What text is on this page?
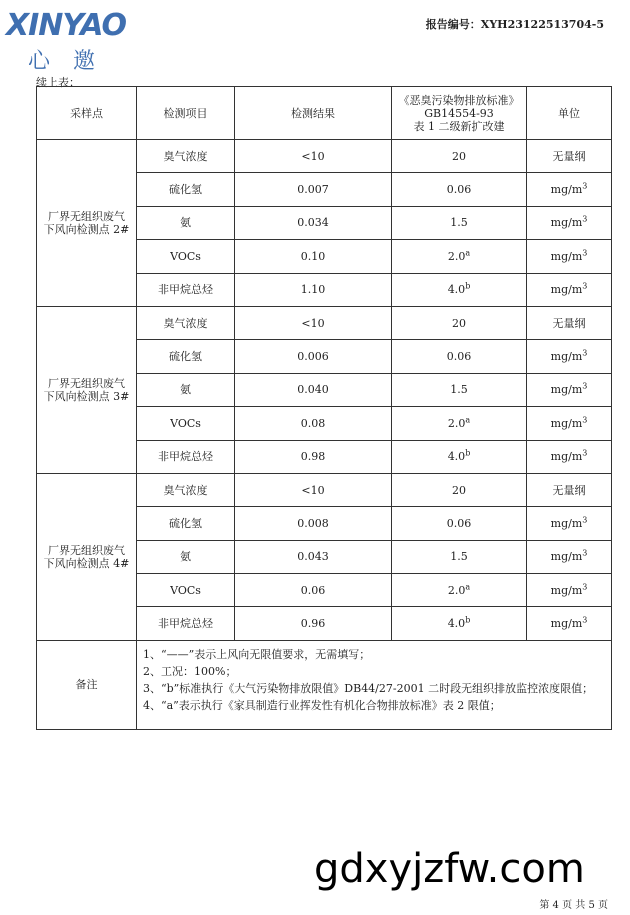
XINYAO
心 邀
报告编号：XYH23122513704-5
续上表：
采样点	检测项目	检测结果	《恶臭污染物排放标准》
GB14554-93
表 1 二级新扩改建	单位
厂界无组织废气
下风向检测点 2#	臭气浓度	<10	20	无量纲
	硫化氢	0.007	0.06	$mg/m^3$
	氨	0.034	1.5	$mg/m^3$
	VOCs	0.10	2.0$^a$	$mg/m^3$
	非甲烷总烃	1.10	4.0$^b$	$mg/m^3$
厂界无组织废气
下风向检测点 3#	臭气浓度	<10	20	无量纲
	硫化氢	0.006	0.06	$mg/m^3$
	氨	0.040	1.5	$mg/m^3$
	VOCs	0.08	2.0$^a$	$mg/m^3$
	非甲烷总烃	0.98	4.0$^b$	$mg/m^3$
厂界无组织废气
下风向检测点 4#	臭气浓度	<10	20	无量纲
	硫化氢	0.008	0.06	$mg/m^3$
	氨	0.043	1.5	$mg/m^3$
	VOCs	0.06	2.0$^a$	$mg/m^3$
	非甲烷总烃	0.96	4.0$^b$	$mg/m^3$
备注	1、“——”表示上风向无限值要求，无需填写；
2、工况：100%；
3、“b”标准执行《大气污染物排放限值》DB44/27-2001 二时段无组织排放监控浓度限值；
4、“a”表示执行《家具制造行业挥发性有机化合物排放标准》表 2 限值；			
gdxyjzfw.com
第 4 页 共 5 页
